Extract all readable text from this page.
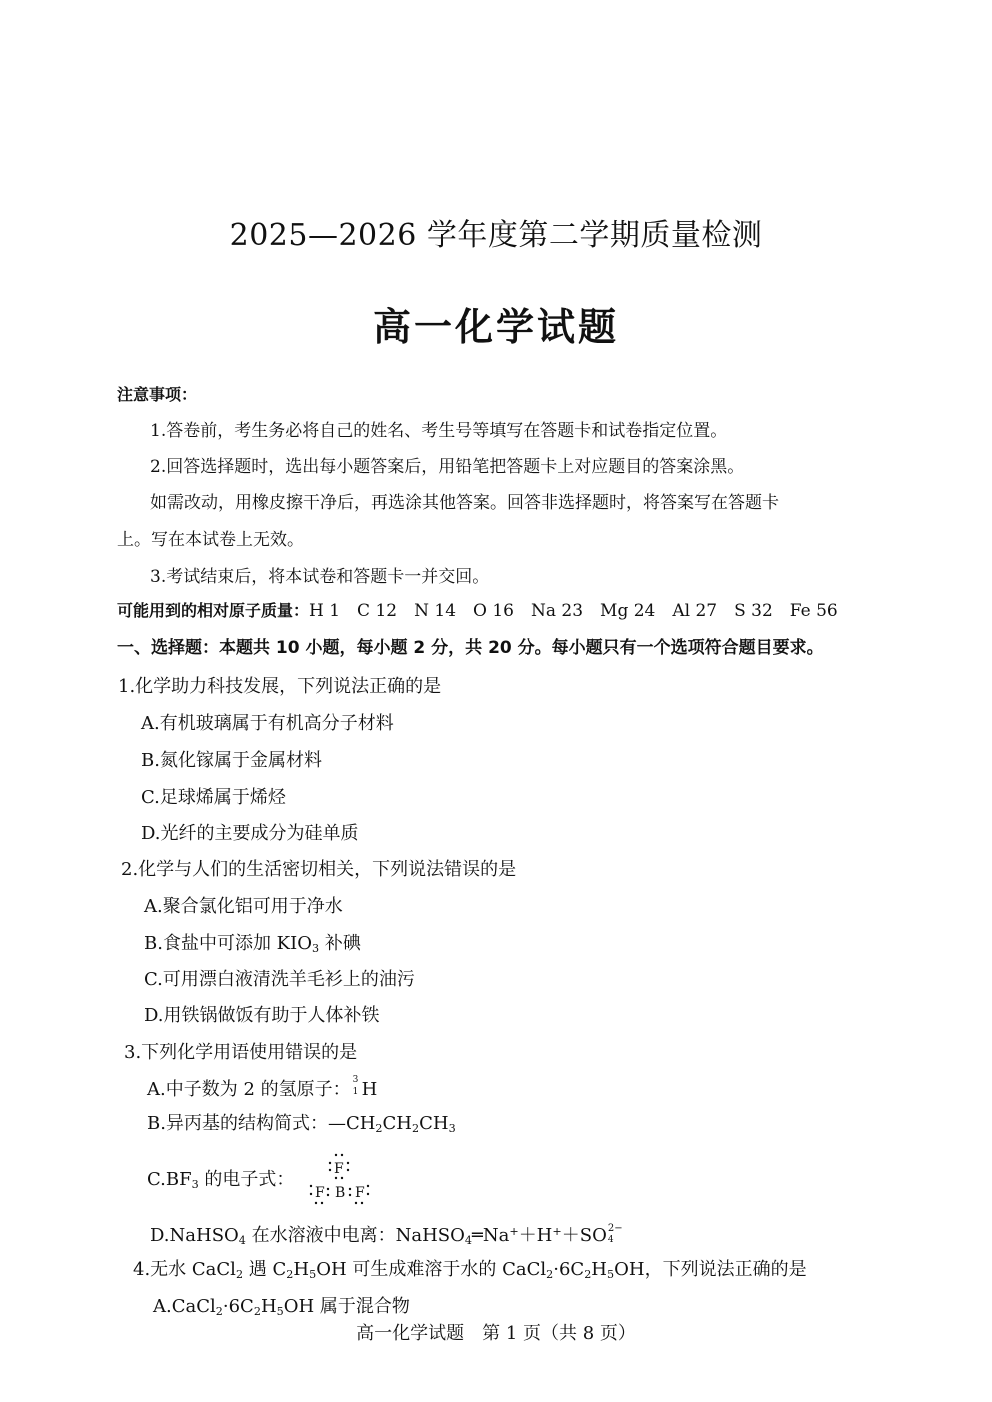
2025—2026 学年度第二学期质量检测
高一化学试题
注意事项：
1.答卷前，考生务必将自己的姓名、考生号等填写在答题卡和试卷指定位置。
2.回答选择题时，选出每小题答案后，用铅笔把答题卡上对应题目的答案涂黑。
如需改动，用橡皮擦干净后，再选涂其他答案。回答非选择题时，将答案写在答题卡
上。写在本试卷上无效。
3.考试结束后，将本试卷和答题卡一并交回。
可能用到的相对原子质量：H 1　C 12　N 14　O 16　Na 23　Mg 24　Al 27　S 32　Fe 56
一、选择题：本题共 10 小题，每小题 2 分，共 20 分。每小题只有一个选项符合题目要求。
1.化学助力科技发展，下列说法正确的是
A.有机玻璃属于有机高分子材料
B.氮化镓属于金属材料
C.足球烯属于烯烃
D.光纤的主要成分为硅单质
2.化学与人们的生活密切相关，下列说法错误的是
A.聚合氯化铝可用于净水
B.食盐中可添加 $KIO_3$ 补碘
C.可用漂白液清洗羊毛衫上的油污
D.用铁锅做饭有助于人体补铁
3.下列化学用语使用错误的是
A.中子数为 2 的氢原子： 3
1 H
B.异丙基的结构简式：$—CH_2CH_2CH_3$
$C.BF_3$ 的电子式：	F
F B F
D.NaHSO$_4$ 在水溶液中电离：NaHSO$_4$═Na+＋H+＋SO 2−
4
4.无水 CaCl$_2$ 遇 $C_2H_5OH$ 可生成难溶于水的 $CaCl_2\cdot 6C_2H_5OH$，下列说法正确的是
$A.CaCl_2\cdot 6C_2H_5OH$ 属于混合物
高一化学试题　第 1 页（共 8 页）
